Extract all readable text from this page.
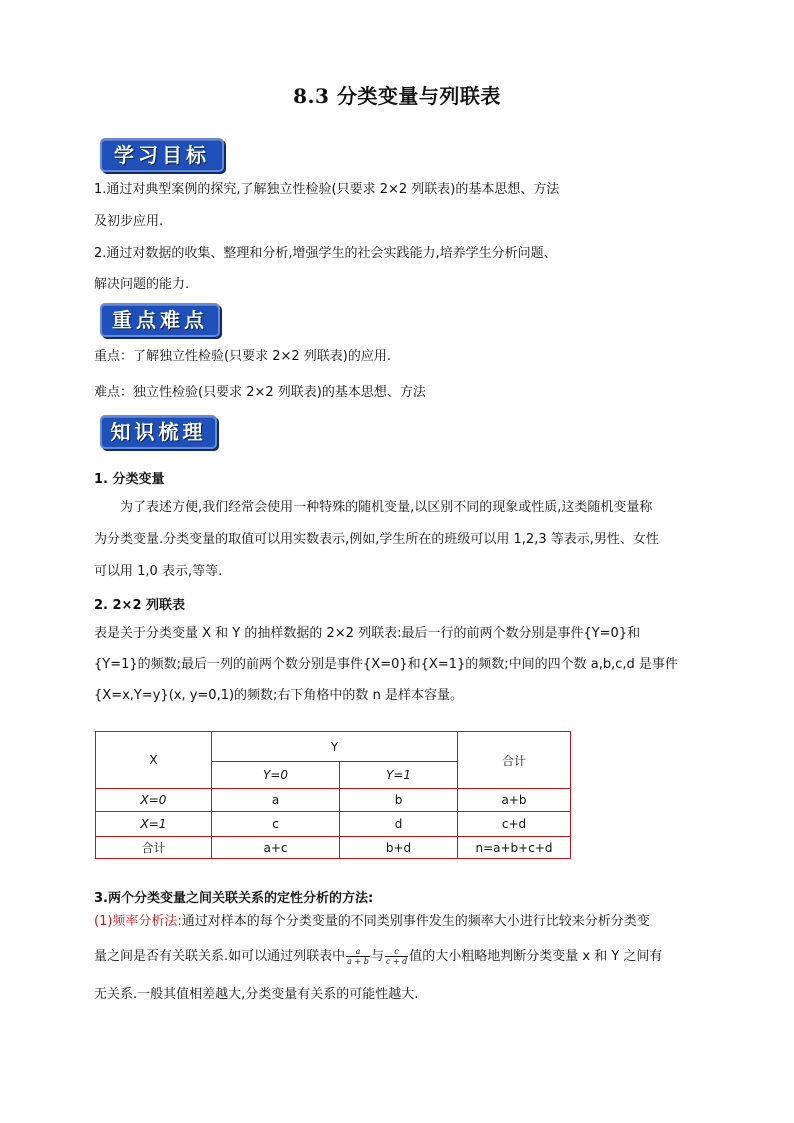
8.3 分类变量与列联表
学习目标
1.通过对典型案例的探究,了解独立性检验(只要求 2×2 列联表)的基本思想、方法
及初步应用.
2.通过对数据的收集、整理和分析,增强学生的社会实践能力,培养学生分析问题、
解决问题的能力.
重点难点
重点：了解独立性检验(只要求 2×2 列联表)的应用.
难点：独立性检验(只要求 2×2 列联表)的基本思想、方法
知识梳理
1. 分类变量
为了表述方便,我们经常会使用一种特殊的随机变量,以区别不同的现象或性质,这类随机变量称
为分类变量.分类变量的取值可以用实数表示,例如,学生所在的班级可以用 1,2,3 等表示,男性、女性
可以用 1,0 表示,等等.
2. 2×2 列联表
表是关于分类变量 X 和 Y 的抽样数据的 2×2 列联表:最后一行的前两个数分别是事件{Y=0}和
{Y=1}的频数;最后一列的前两个数分别是事件{X=0}和{X=1}的频数;中间的四个数 a,b,c,d 是事件
{X=x,Y=y}(x, y=0,1)的频数;右下角格中的数 n 是样本容量。
X	Y		合计
	Y=0	Y=1	
X=0	a	b	a+b
X=1	c	d	c+d
合计	a+c	b+d	n=a+b+c+d
3.两个分类变量之间关联关系的定性分析的方法:
(1)频率分析法:通过对样本的每个分类变量的不同类别事件发生的频率大小进行比较来分析分类变
量之间是否有关联关系.如可以通过列联表中 $\frac{a}{a + b}$ 与 $\frac{c}{c + d}$ 值的大小粗略地判断分类变量 x 和 Y 之间有
无关系.一般其值相差越大,分类变量有关系的可能性越大.
